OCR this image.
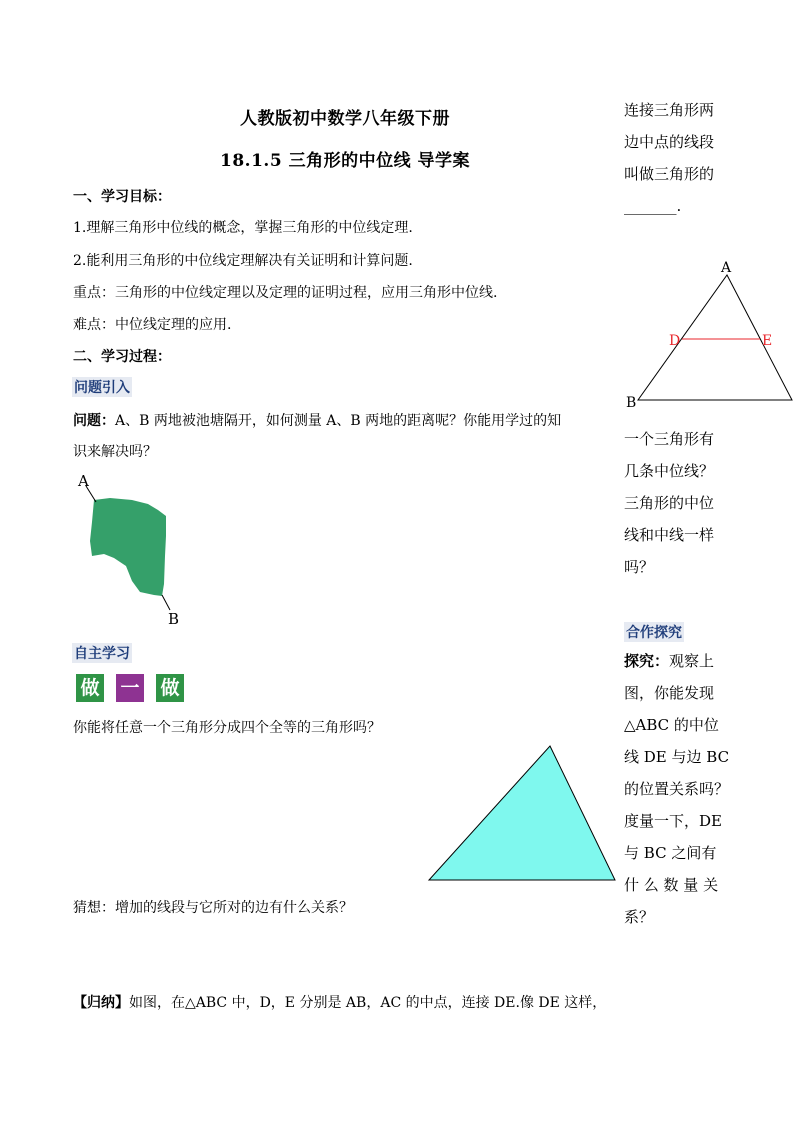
人教版初中数学八年级下册
18.1.5 三角形的中位线 导学案
一、学习目标：
1.理解三角形中位线的概念，掌握三角形的中位线定理.
2.能利用三角形的中位线定理解决有关证明和计算问题.
重点：三角形的中位线定理以及定理的证明过程，应用三角形中位线.
难点：中位线定理的应用.
二、学习过程：
问题引入
问题：A、B 两地被池塘隔开，如何测量 A、B 两地的距离呢？你能用学过的知
识来解决吗？
A
B
自主学习
做 一 做
你能将任意一个三角形分成四个全等的三角形吗？
猜想：增加的线段与它所对的边有什么关系？
【归纳】如图，在△ABC 中，D，E 分别是 AB，AC 的中点，连接 DE.像 DE 这样，
连接三角形两
边中点的线段
叫做三角形的
_______.
A
B
D	E
一个三角形有
几条中位线？
三角形的中位
线和中线一样
吗？
合作探究
探究：观察上
图，你能发现
△ABC 的中位
线 DE 与边 BC
的位置关系吗？
度量一下，DE
与 BC 之间有
什 么 数 量 关
系？
